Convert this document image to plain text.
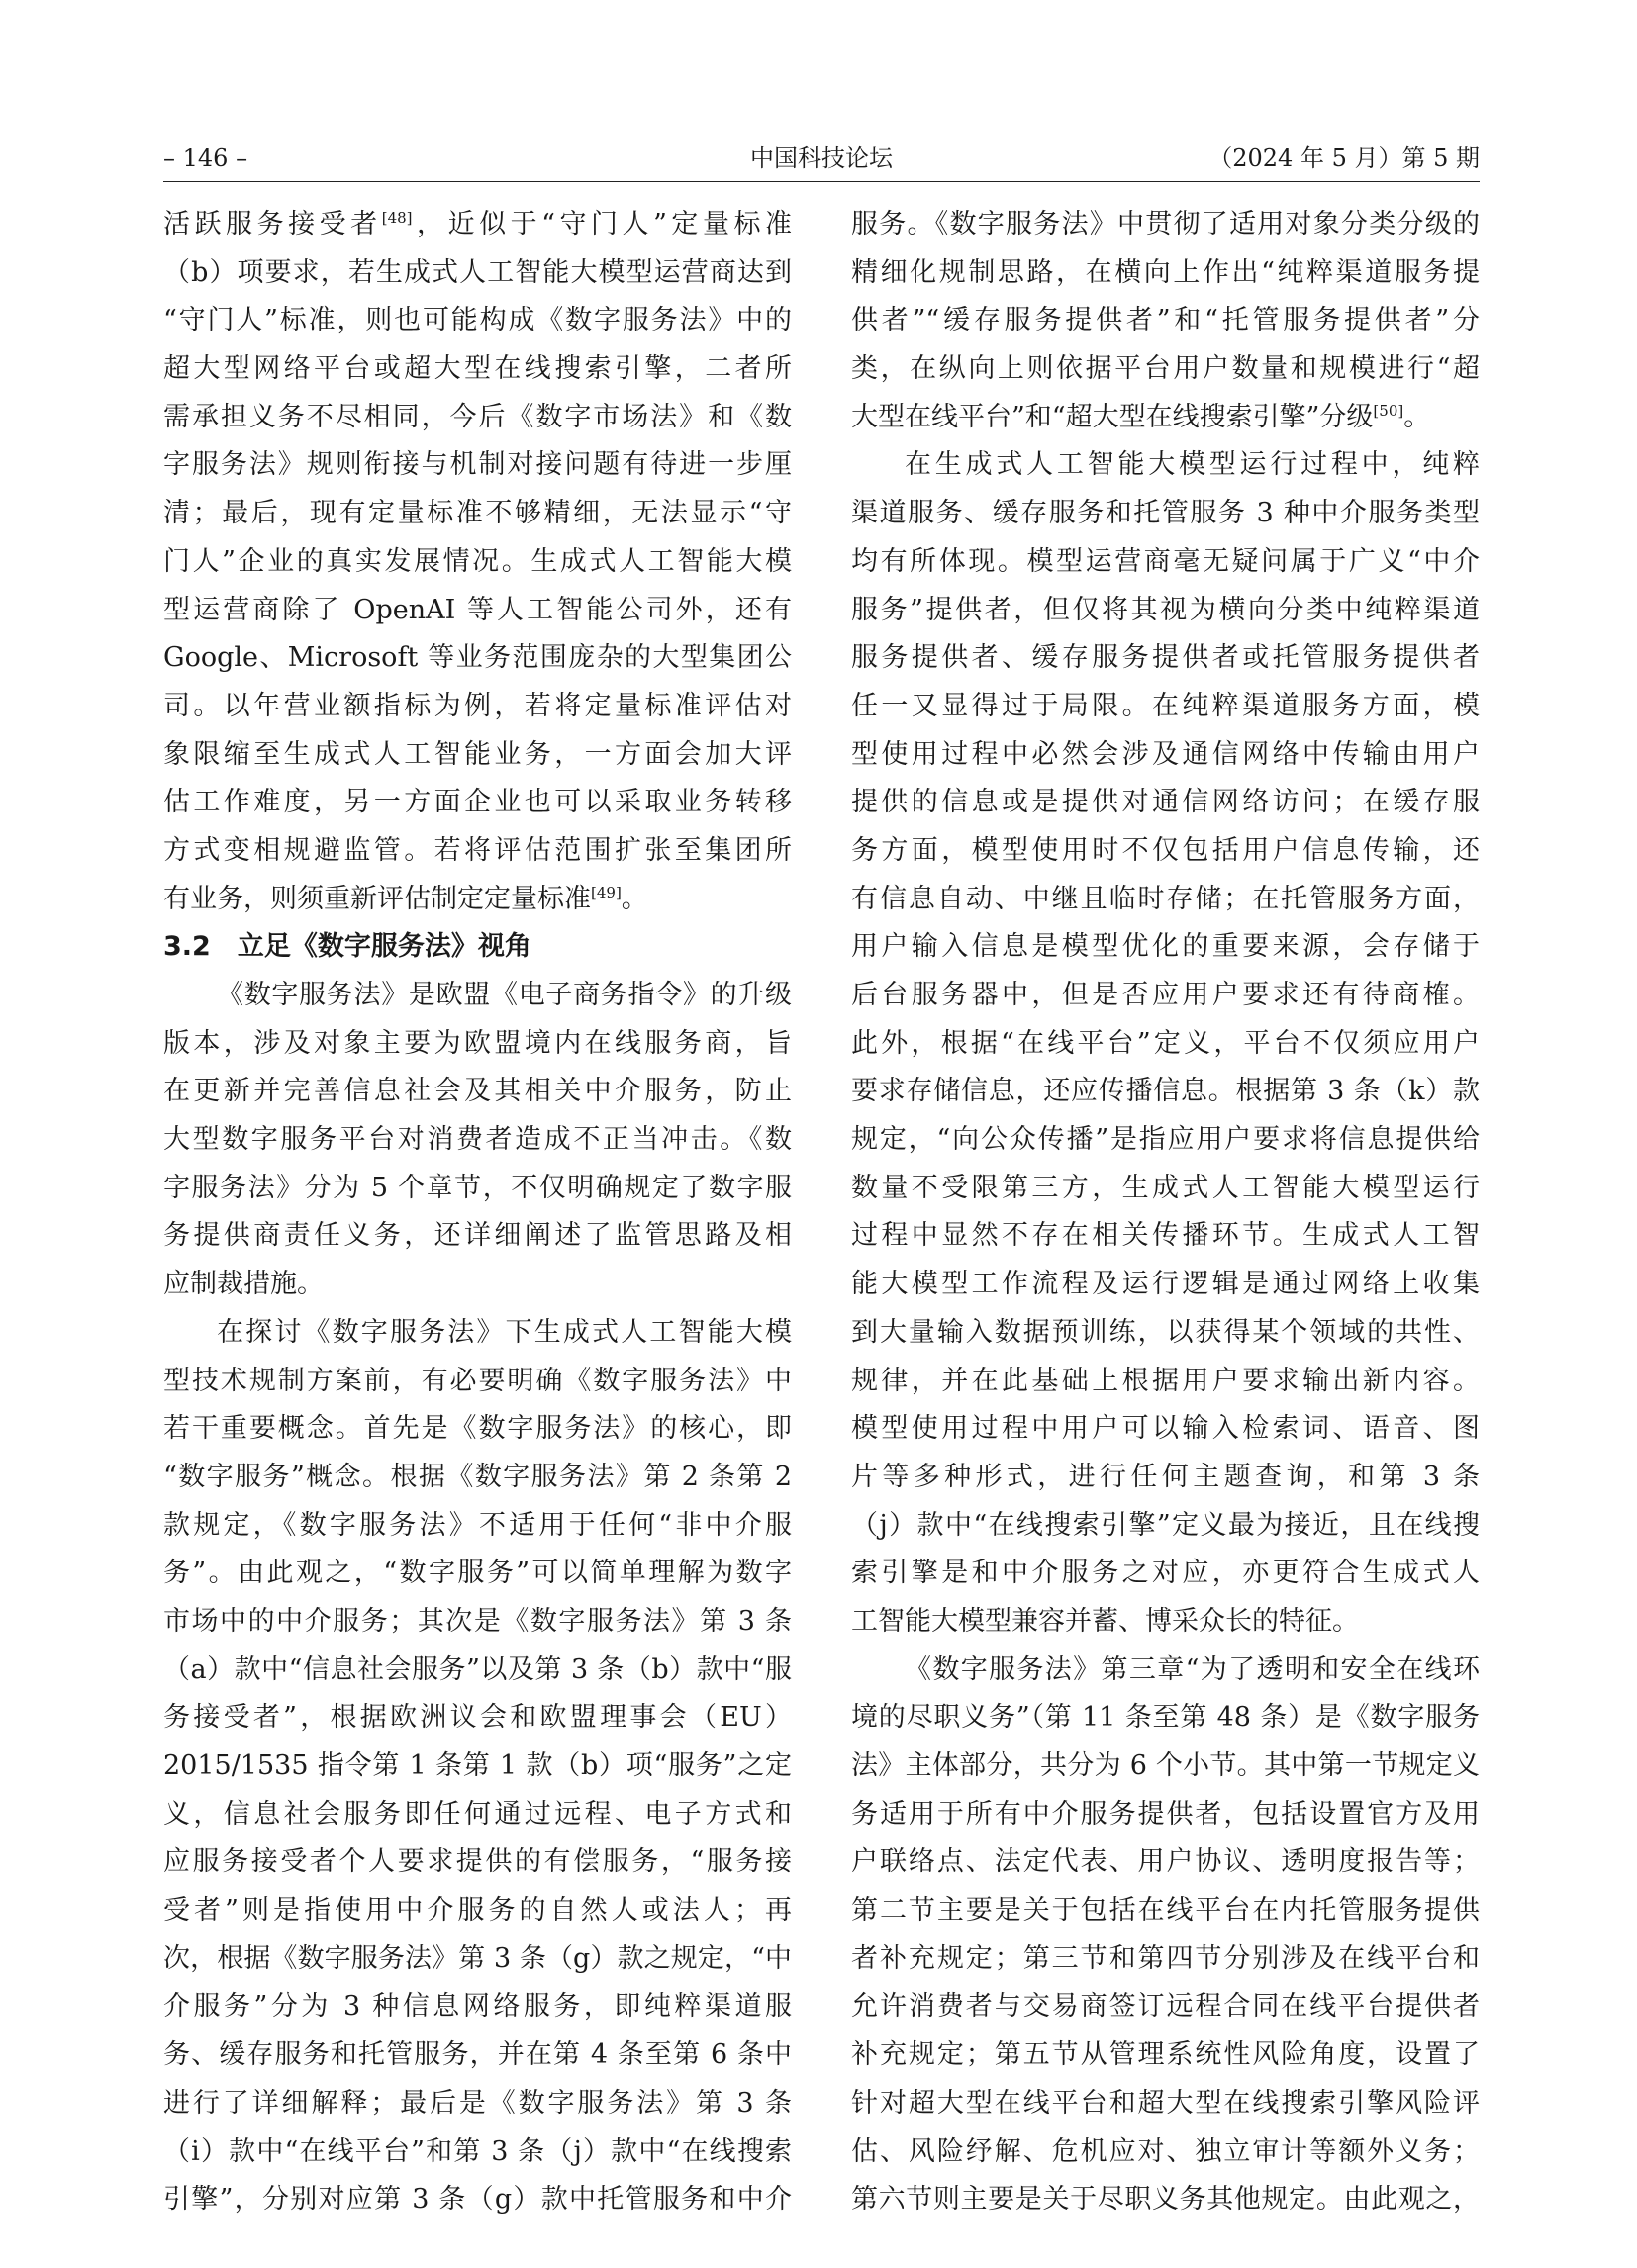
– 146 –	中国科技论坛	（2024 年 5 月）第 5 期
活跃服务接受者[48]，近似于“守门人”定量标准
（b）项要求，若生成式人工智能大模型运营商达到
“守门人”标准，则也可能构成《数字服务法》中的
超大型网络平台或超大型在线搜索引擎，二者所
需承担义务不尽相同，今后《数字市场法》和《数
字服务法》规则衔接与机制对接问题有待进一步厘
清；最后，现有定量标准不够精细，无法显示“守
门人”企业的真实发展情况。生成式人工智能大模
型运营商除了 OpenAI 等人工智能公司外，还有
Google、Microsoft 等业务范围庞杂的大型集团公
司。以年营业额指标为例，若将定量标准评估对
象限缩至生成式人工智能业务，一方面会加大评
估工作难度，另一方面企业也可以采取业务转移
方式变相规避监管。若将评估范围扩张至集团所
有业务，则须重新评估制定定量标准[49]。
3.2　立足《数字服务法》视角
《数字服务法》是欧盟《电子商务指令》的升级
版本，涉及对象主要为欧盟境内在线服务商，旨
在更新并完善信息社会及其相关中介服务，防止
大型数字服务平台对消费者造成不正当冲击。《数
字服务法》分为 5 个章节，不仅明确规定了数字服
务提供商责任义务，还详细阐述了监管思路及相
应制裁措施。
在探讨《数字服务法》下生成式人工智能大模
型技术规制方案前，有必要明确《数字服务法》中
若干重要概念。首先是《数字服务法》的核心，即
“数字服务”概念。根据《数字服务法》第 2 条第 2
款规定，《数字服务法》不适用于任何“非中介服
务”。由此观之，“数字服务”可以简单理解为数字
市场中的中介服务；其次是《数字服务法》第 3 条
（a）款中“信息社会服务”以及第 3 条（b）款中“服
务接受者”，根据欧洲议会和欧盟理事会（EU）
2015/1535 指令第 1 条第 1 款（b）项“服务”之定
义，信息社会服务即任何通过远程、电子方式和
应服务接受者个人要求提供的有偿服务，“服务接
受者”则是指使用中介服务的自然人或法人；再
次，根据《数字服务法》第 3 条（g）款之规定，“中
介服务”分为 3 种信息网络服务，即纯粹渠道服
务、缓存服务和托管服务，并在第 4 条至第 6 条中
进行了详细解释；最后是《数字服务法》第 3 条
（i）款中“在线平台”和第 3 条（j）款中“在线搜索
引擎”，分别对应第 3 条（g）款中托管服务和中介
服务。《数字服务法》中贯彻了适用对象分类分级的
精细化规制思路，在横向上作出“纯粹渠道服务提
供者”“缓存服务提供者”和“托管服务提供者”分
类，在纵向上则依据平台用户数量和规模进行“超
大型在线平台”和“超大型在线搜索引擎”分级[50]。
在生成式人工智能大模型运行过程中，纯粹
渠道服务、缓存服务和托管服务 3 种中介服务类型
均有所体现。模型运营商毫无疑问属于广义“中介
服务”提供者，但仅将其视为横向分类中纯粹渠道
服务提供者、缓存服务提供者或托管服务提供者
任一又显得过于局限。在纯粹渠道服务方面，模
型使用过程中必然会涉及通信网络中传输由用户
提供的信息或是提供对通信网络访问；在缓存服
务方面，模型使用时不仅包括用户信息传输，还
有信息自动、中继且临时存储；在托管服务方面，
用户输入信息是模型优化的重要来源，会存储于
后台服务器中，但是否应用户要求还有待商榷。
此外，根据“在线平台”定义，平台不仅须应用户
要求存储信息，还应传播信息。根据第 3 条（k）款
规定，“向公众传播”是指应用户要求将信息提供给
数量不受限第三方，生成式人工智能大模型运行
过程中显然不存在相关传播环节。生成式人工智
能大模型工作流程及运行逻辑是通过网络上收集
到大量输入数据预训练，以获得某个领域的共性、
规律，并在此基础上根据用户要求输出新内容。
模型使用过程中用户可以输入检索词、语音、图
片等多种形式，进行任何主题查询，和第 3 条
（j）款中“在线搜索引擎”定义最为接近，且在线搜
索引擎是和中介服务之对应，亦更符合生成式人
工智能大模型兼容并蓄、博采众长的特征。
《数字服务法》第三章“为了透明和安全在线环
境的尽职义务”（第 11 条至第 48 条）是《数字服务
法》主体部分，共分为 6 个小节。其中第一节规定义
务适用于所有中介服务提供者，包括设置官方及用
户联络点、法定代表、用户协议、透明度报告等；
第二节主要是关于包括在线平台在内托管服务提供
者补充规定；第三节和第四节分别涉及在线平台和
允许消费者与交易商签订远程合同在线平台提供者
补充规定；第五节从管理系统性风险角度，设置了
针对超大型在线平台和超大型在线搜索引擎风险评
估、风险纾解、危机应对、独立审计等额外义务；
第六节则主要是关于尽职义务其他规定。由此观之，
